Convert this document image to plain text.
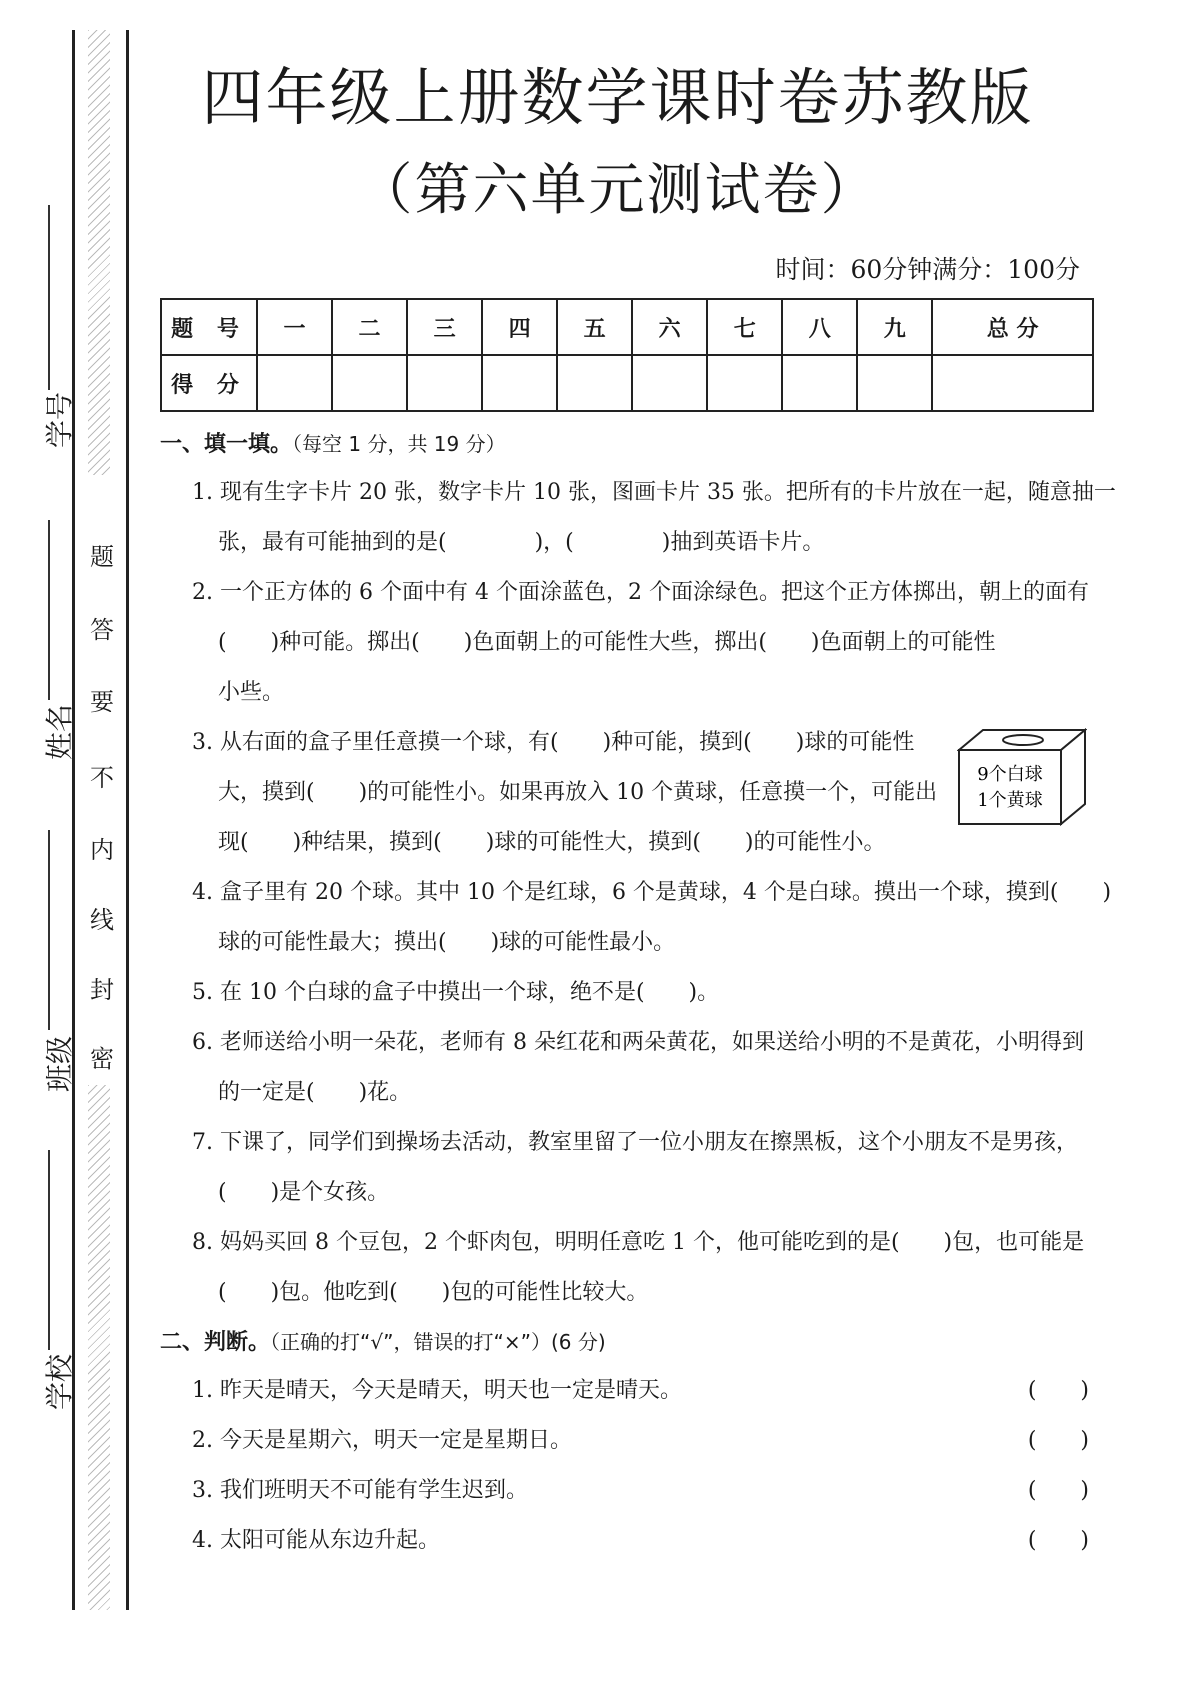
密
封
线
内
不
要
答
题
学号
姓名
班级
学校
四年级上册数学课时卷苏教版
（第六单元测试卷）
时间：60分钟满分：100分
题 号	一	二	三	四	五	六	七	八	九	总 分
得 分										
一、填一填。（每空 1 分，共 19 分）
1. 现有生字卡片 20 张，数字卡片 10 张，图画卡片 35 张。把所有的卡片放在一起，随意抽一
张，最有可能抽到的是(　　　　)，(　　　　)抽到英语卡片。
2. 一个正方体的 6 个面中有 4 个面涂蓝色，2 个面涂绿色。把这个正方体掷出，朝上的面有
(　　)种可能。掷出(　　)色面朝上的可能性大些，掷出(　　)色面朝上的可能性
小些。
3. 从右面的盒子里任意摸一个球，有(　　)种可能，摸到(　　)球的可能性
大，摸到(　　)的可能性小。如果再放入 10 个黄球，任意摸一个，可能出
现(　　)种结果，摸到(　　)球的可能性大，摸到(　　)的可能性小。
9个白球
1个黄球
4. 盒子里有 20 个球。其中 10 个是红球，6 个是黄球，4 个是白球。摸出一个球，摸到(　　)
球的可能性最大；摸出(　　)球的可能性最小。
5. 在 10 个白球的盒子中摸出一个球，绝不是(　　)。
6. 老师送给小明一朵花，老师有 8 朵红花和两朵黄花，如果送给小明的不是黄花，小明得到
的一定是(　　)花。
7. 下课了，同学们到操场去活动，教室里留了一位小朋友在擦黑板，这个小朋友不是男孩，
(　　)是个女孩。
8. 妈妈买回 8 个豆包，2 个虾肉包，明明任意吃 1 个，他可能吃到的是(　　)包，也可能是
(　　)包。他吃到(　　)包的可能性比较大。
二、判断。（正确的打“√”，错误的打“×”）(6 分)
1. 昨天是晴天，今天是晴天，明天也一定是晴天。	(　　)
2. 今天是星期六，明天一定是星期日。	(　　)
3. 我们班明天不可能有学生迟到。	(　　)
4. 太阳可能从东边升起。	(　　)
